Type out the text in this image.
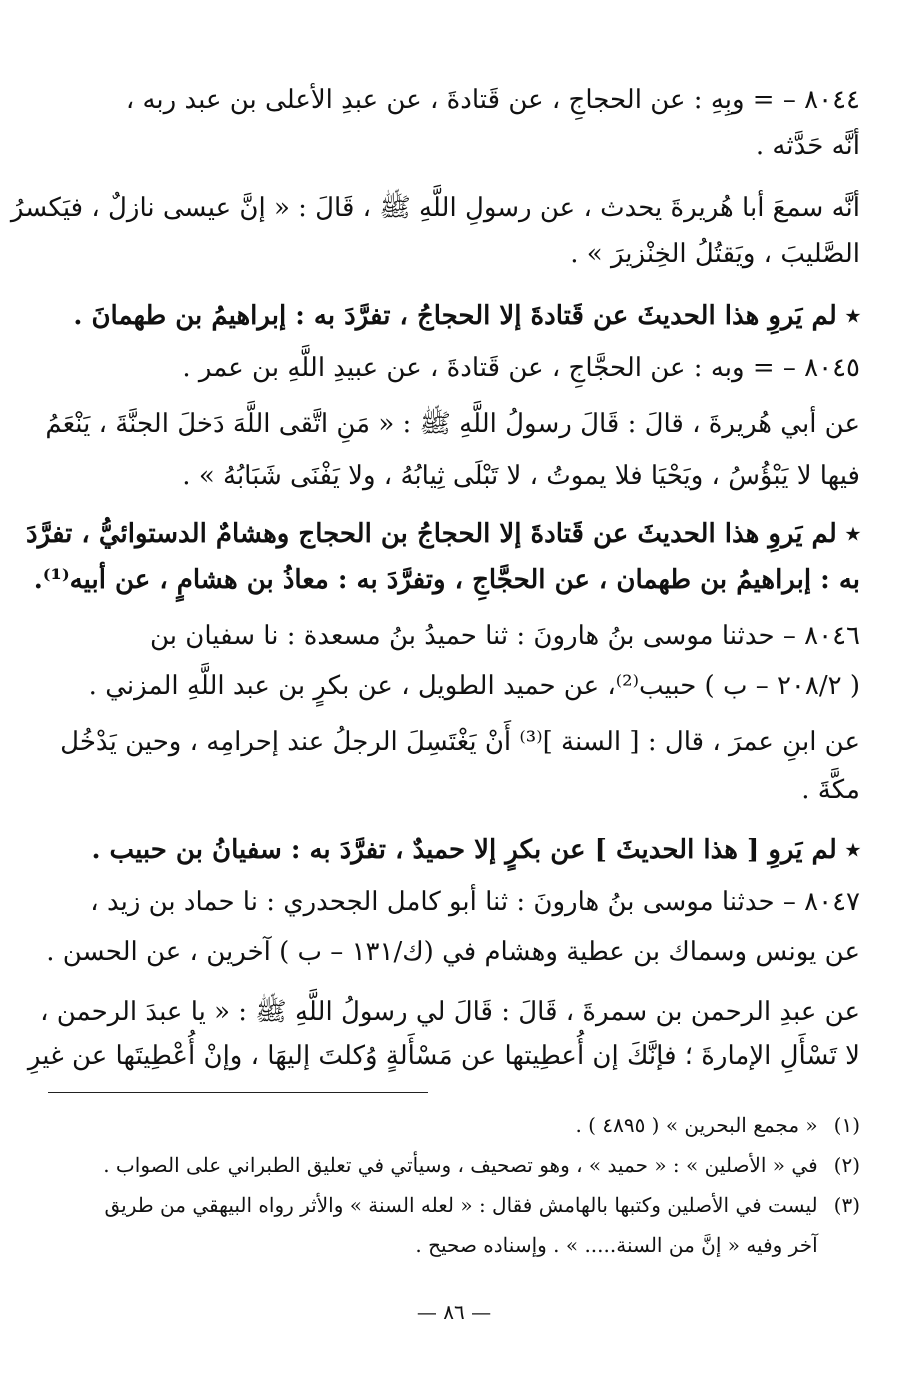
٨٠٤٤ – = وبِهِ : عن الحجاجِ ، عن قَتادةَ ، عن عبدِ الأعلى بن عبد ربه ،
أنَّه حَدَّثه .
أنَّه سمعَ أبا هُريرةَ يحدث ، عن رسولِ اللَّهِ ﷺ ، قَالَ : « إنَّ عيسى نازلٌ ، فيَكسرُ
الصَّليبَ ، ويَقتُلُ الخِنْزيرَ » .
٭ لم يَروِ هذا الحديثَ عن قَتادةَ إلا الحجاجُ ، تفرَّدَ به : إبراهيمُ بن طهمانَ .
٨٠٤٥ – = وبه : عن الحجَّاجِ ، عن قَتادةَ ، عن عبيدِ اللَّهِ بن عمر .
عن أبي هُريرةَ ، قالَ : قَالَ رسولُ اللَّهِ ﷺ : « مَنِ اتَّقى اللَّهَ دَخلَ الجنَّةَ ، يَنْعَمُ
فيها لا يَبْؤُسُ ، ويَحْيَا فلا يموتُ ، لا تَبْلَى ثِيابُهُ ، ولا يَفْنَى شَبَابُهُ » .
٭ لم يَروِ هذا الحديثَ عن قَتادةَ إلا الحجاجُ بن الحجاج وهشامٌ الدستوائيُّ ، تفرَّدَ
به : إبراهيمُ بن طهمان ، عن الحجَّاجِ ، وتفرَّدَ به : معاذُ بن هشامٍ ، عن أبيه⁽¹⁾.
٨٠٤٦ – حدثنا موسى بنُ هارونَ : ثنا حميدُ بنُ مسعدة : نا سفيان بن
( ٢٠٨/٢ – ب ) حبيب⁽²⁾، عن حميد الطويل ، عن بكرٍ بن عبد اللَّهِ المزني .
عن ابنِ عمرَ ، قال : [ السنة ]⁽³⁾ أَنْ يَغْتَسِلَ الرجلُ عند إحرامِه ، وحين يَدْخُل
مكَّةَ .
٭ لم يَروِ [ هذا الحديثَ ] عن بكرٍ إلا حميدٌ ، تفرَّدَ به : سفيانُ بن حبيب .
٨٠٤٧ – حدثنا موسى بنُ هارونَ : ثنا أبو كامل الجحدري : نا حماد بن زيد ،
عن يونس وسماك بن عطية وهشام في (ك/١٣١ – ب ) آخرين ، عن الحسن .
عن عبدِ الرحمن بن سمرةَ ، قَالَ : قَالَ لي رسولُ اللَّهِ ﷺ : « يا عبدَ الرحمن ،
لا تَسْأَلِ الإمارةَ ؛ فإنَّكَ إن أُعطِيتها عن مَسْأَلةٍ وُكلتَ إليهَا ، وإنْ أُعْطِيتَها عن غيرِ
(١) « مجمع البحرين » ( ٤٨٩٥ ) .
(٢) في « الأصلين » : « حميد » ، وهو تصحيف ، وسيأتي في تعليق الطبراني على الصواب .
(٣) ليست في الأصلين وكتبها بالهامش فقال : « لعله السنة » والأثر رواه البيهقي من طريق
آخر وفيه « إنَّ من السنة..... » . وإسناده صحيح .
— ٨٦ —
